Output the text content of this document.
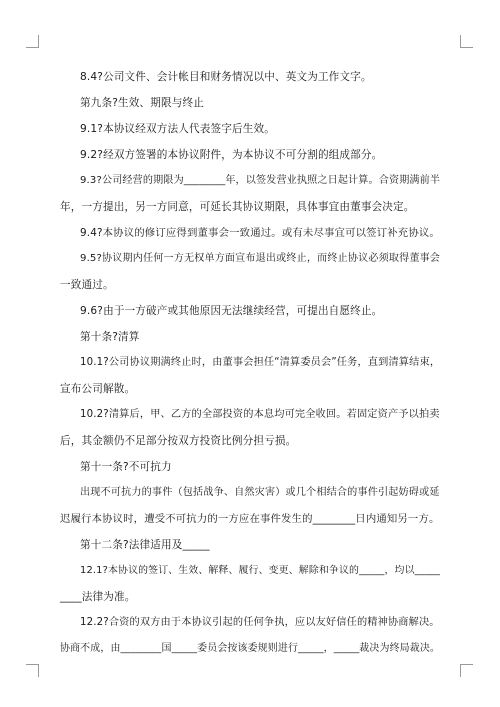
8.4?公司文件、会计帐目和财务情况以中、英文为工作文字。
第九条?生效、期限与终止
9.1?本协议经双方法人代表签字后生效。
9.2?经双方签署的本协议附件，为本协议不可分割的组成部分。
9.3?公司经营的期限为________年，以签发营业执照之日起计算。合资期满前半
年，一方提出，另一方同意，可延长其协议期限，具体事宜由董事会决定。
9.4?本协议的修订应得到董事会一致通过。或有未尽事宜可以签订补充协议。
9.5?协议期内任何一方无权单方面宣布退出或终止，而终止协议必须取得董事会
一致通过。
9.6?由于一方破产或其他原因无法继续经营，可提出自愿终止。
第十条?清算
10.1?公司协议期满终止时，由董事会担任“清算委员会”任务，直到清算结束，
宣布公司解散。
10.2?清算后，甲、乙方的全部投资的本息均可完全收回。若固定资产予以拍卖
后，其金额仍不足部分按双方投资比例分担亏损。
第十一条?不可抗力
出现不可抗力的事件（包括战争、自然灾害）或几个相结合的事件引起妨碍或延
迟履行本协议时，遭受不可抗力的一方应在事件发生的________日内通知另一方。
第十二条?法律适用及_____
12.1?本协议的签订、生效、解释、履行、变更、解除和争议的_____，均以_____
____法律为准。
12.2?合资的双方由于本协议引起的任何争执，应以友好信任的精神协商解决。
协商不成，由________国_____委员会按该委规则进行_____，_____裁决为终局裁决。
